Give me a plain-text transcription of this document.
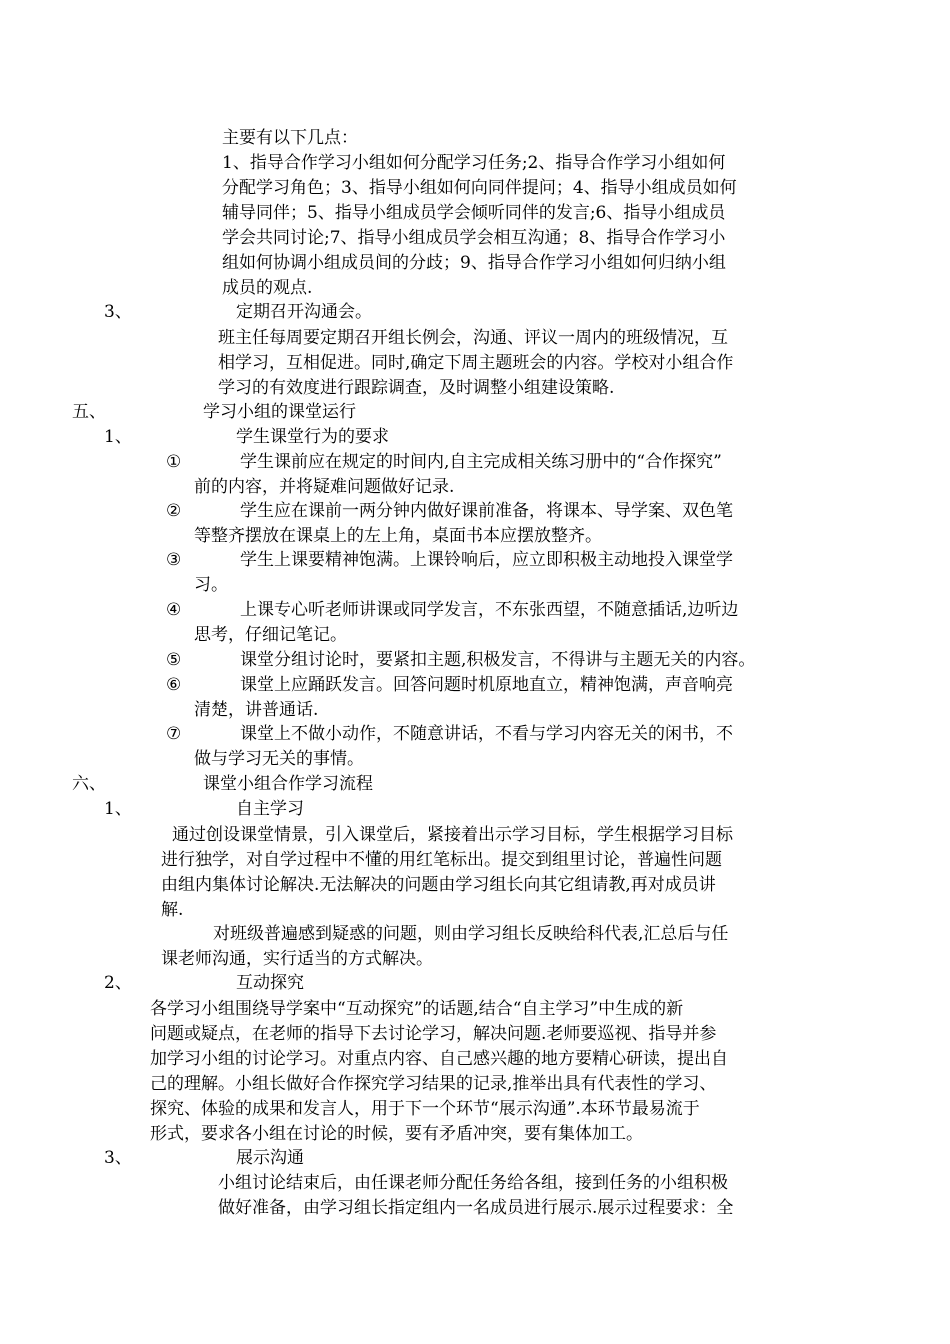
主要有以下几点：
1、指导合作学习小组如何分配学习任务;2、指导合作学习小组如何
分配学习角色；3、指导小组如何向同伴提问；4、指导小组成员如何
辅导同伴；5、指导小组成员学会倾听同伴的发言;6、指导小组成员
学会共同讨论;7、指导小组成员学会相互沟通；8、指导合作学习小
组如何协调小组成员间的分歧；9、指导合作学习小组如何归纳小组
成员的观点.
3、	定期召开沟通会。
班主任每周要定期召开组长例会，沟通、评议一周内的班级情况，互
相学习，互相促进。同时,确定下周主题班会的内容。学校对小组合作
学习的有效度进行跟踪调查，及时调整小组建设策略.
五、	学习小组的课堂运行
1、	学生课堂行为的要求
①	学生课前应在规定的时间内,自主完成相关练习册中的“合作探究”
前的内容，并将疑难问题做好记录.
②	学生应在课前一两分钟内做好课前准备，将课本、导学案、双色笔
等整齐摆放在课桌上的左上角，桌面书本应摆放整齐。
③	学生上课要精神饱满。上课铃响后，应立即积极主动地投入课堂学
习。
④	上课专心听老师讲课或同学发言，不东张西望，不随意插话,边听边
思考，仔细记笔记。
⑤	课堂分组讨论时，要紧扣主题,积极发言，不得讲与主题无关的内容。
⑥	课堂上应踊跃发言。回答问题时机原地直立，精神饱满，声音响亮
清楚，讲普通话.
⑦	课堂上不做小动作，不随意讲话，不看与学习内容无关的闲书，不
做与学习无关的事情。
六、	课堂小组合作学习流程
1、	自主学习
通过创设课堂情景，引入课堂后，紧接着出示学习目标，学生根据学习目标
进行独学，对自学过程中不懂的用红笔标出。提交到组里讨论，普遍性问题
由组内集体讨论解决.无法解决的问题由学习组长向其它组请教,再对成员讲
解.
对班级普遍感到疑惑的问题，则由学习组长反映给科代表,汇总后与任
课老师沟通，实行适当的方式解决。
2、	互动探究
各学习小组围绕导学案中“互动探究”的话题,结合“自主学习”中生成的新
问题或疑点，在老师的指导下去讨论学习，解决问题.老师要巡视、指导并参
加学习小组的讨论学习。对重点内容、自己感兴趣的地方要精心研读，提出自
己的理解。小组长做好合作探究学习结果的记录,推举出具有代表性的学习、
探究、体验的成果和发言人，用于下一个环节“展示沟通”.本环节最易流于
形式，要求各小组在讨论的时候，要有矛盾冲突，要有集体加工。
3、	展示沟通
小组讨论结束后，由任课老师分配任务给各组，接到任务的小组积极
做好准备，由学习组长指定组内一名成员进行展示.展示过程要求：全
